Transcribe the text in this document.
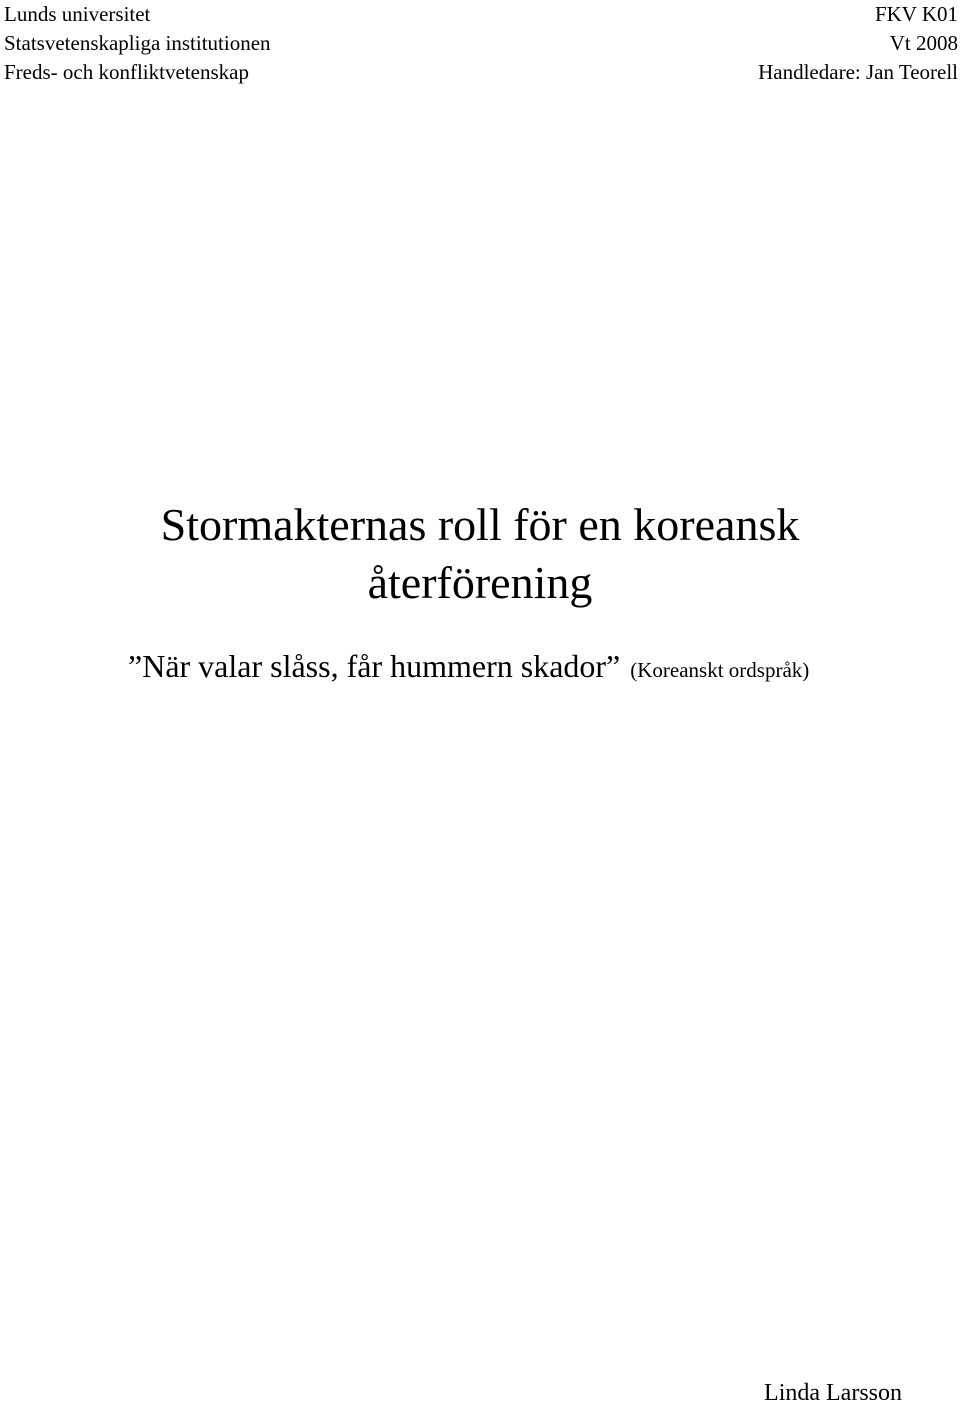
Lunds universitet
Statsvetenskapliga institutionen
Freds- och konfliktvetenskap
FKV K01
Vt 2008
Handledare: Jan Teorell
Stormakternas roll för en koreansk
återförening
”När valar slåss, får hummern skador” (Koreanskt ordspråk)
Linda Larsson
